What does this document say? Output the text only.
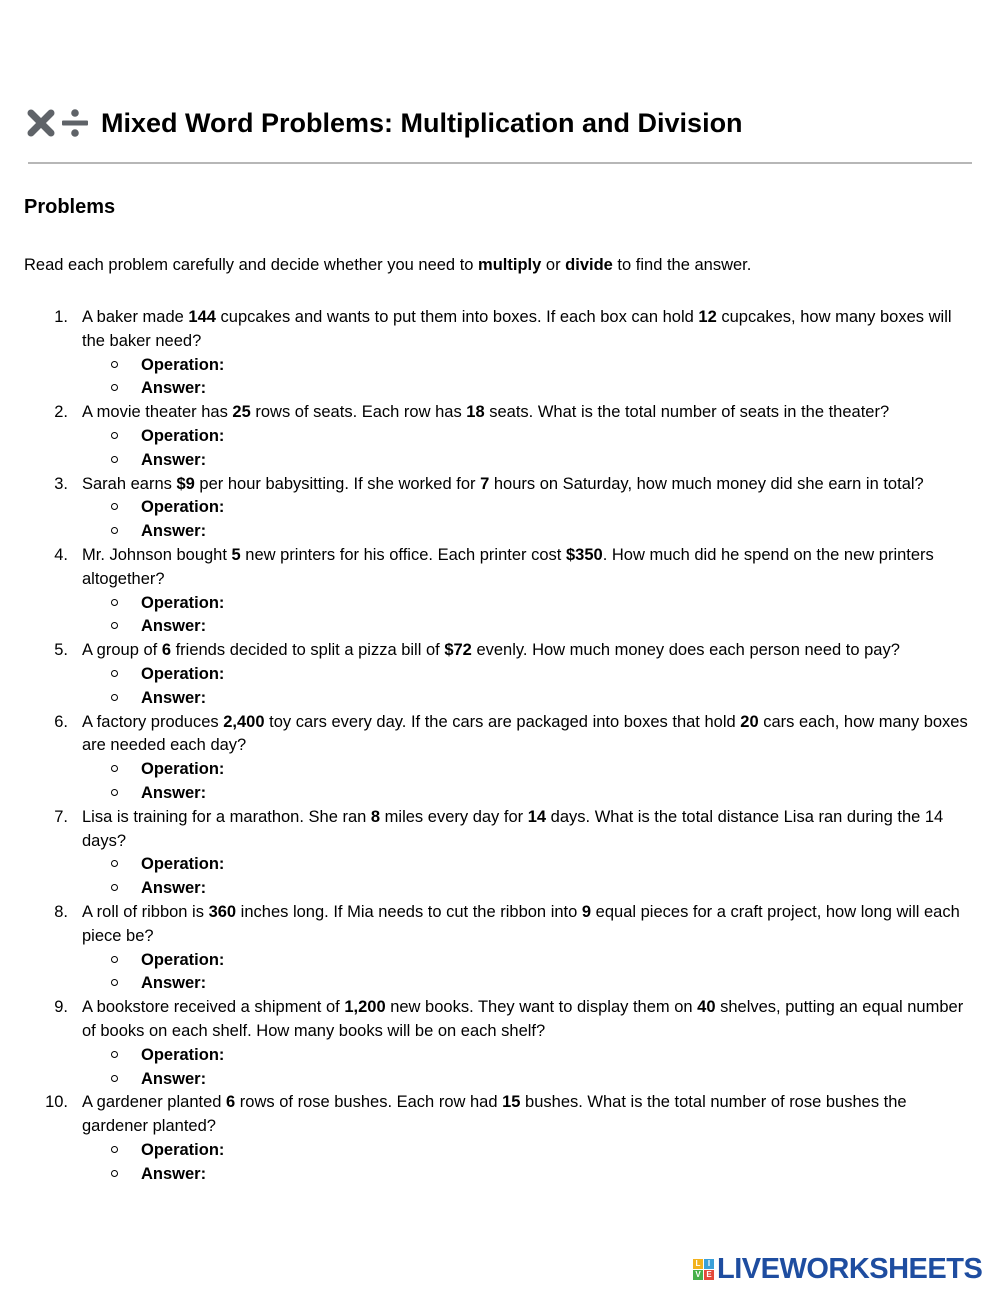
Mixed Word Problems: Multiplication and Division
Problems
Read each problem carefully and decide whether you need to multiply or divide to find the answer.
1. A baker made 144 cupcakes and wants to put them into boxes. If each box can hold 12 cupcakes, how many boxes will the baker need?
Operation:
Answer:
2. A movie theater has 25 rows of seats. Each row has 18 seats. What is the total number of seats in the theater?
Operation:
Answer:
3. Sarah earns $9 per hour babysitting. If she worked for 7 hours on Saturday, how much money did she earn in total?
Operation:
Answer:
4. Mr. Johnson bought 5 new printers for his office. Each printer cost $350. How much did he spend on the new printers altogether?
Operation:
Answer:
5. A group of 6 friends decided to split a pizza bill of $72 evenly. How much money does each person need to pay?
Operation:
Answer:
6. A factory produces 2,400 toy cars every day. If the cars are packaged into boxes that hold 20 cars each, how many boxes are needed each day?
Operation:
Answer:
7. Lisa is training for a marathon. She ran 8 miles every day for 14 days. What is the total distance Lisa ran during the 14 days?
Operation:
Answer:
8. A roll of ribbon is 360 inches long. If Mia needs to cut the ribbon into 9 equal pieces for a craft project, how long will each piece be?
Operation:
Answer:
9. A bookstore received a shipment of 1,200 new books. They want to display them on 40 shelves, putting an equal number of books on each shelf. How many books will be on each shelf?
Operation:
Answer:
10. A gardener planted 6 rows of rose bushes. Each row had 15 bushes. What is the total number of rose bushes the gardener planted?
Operation:
Answer:
L I
V E LIVEWORKSHEETS
